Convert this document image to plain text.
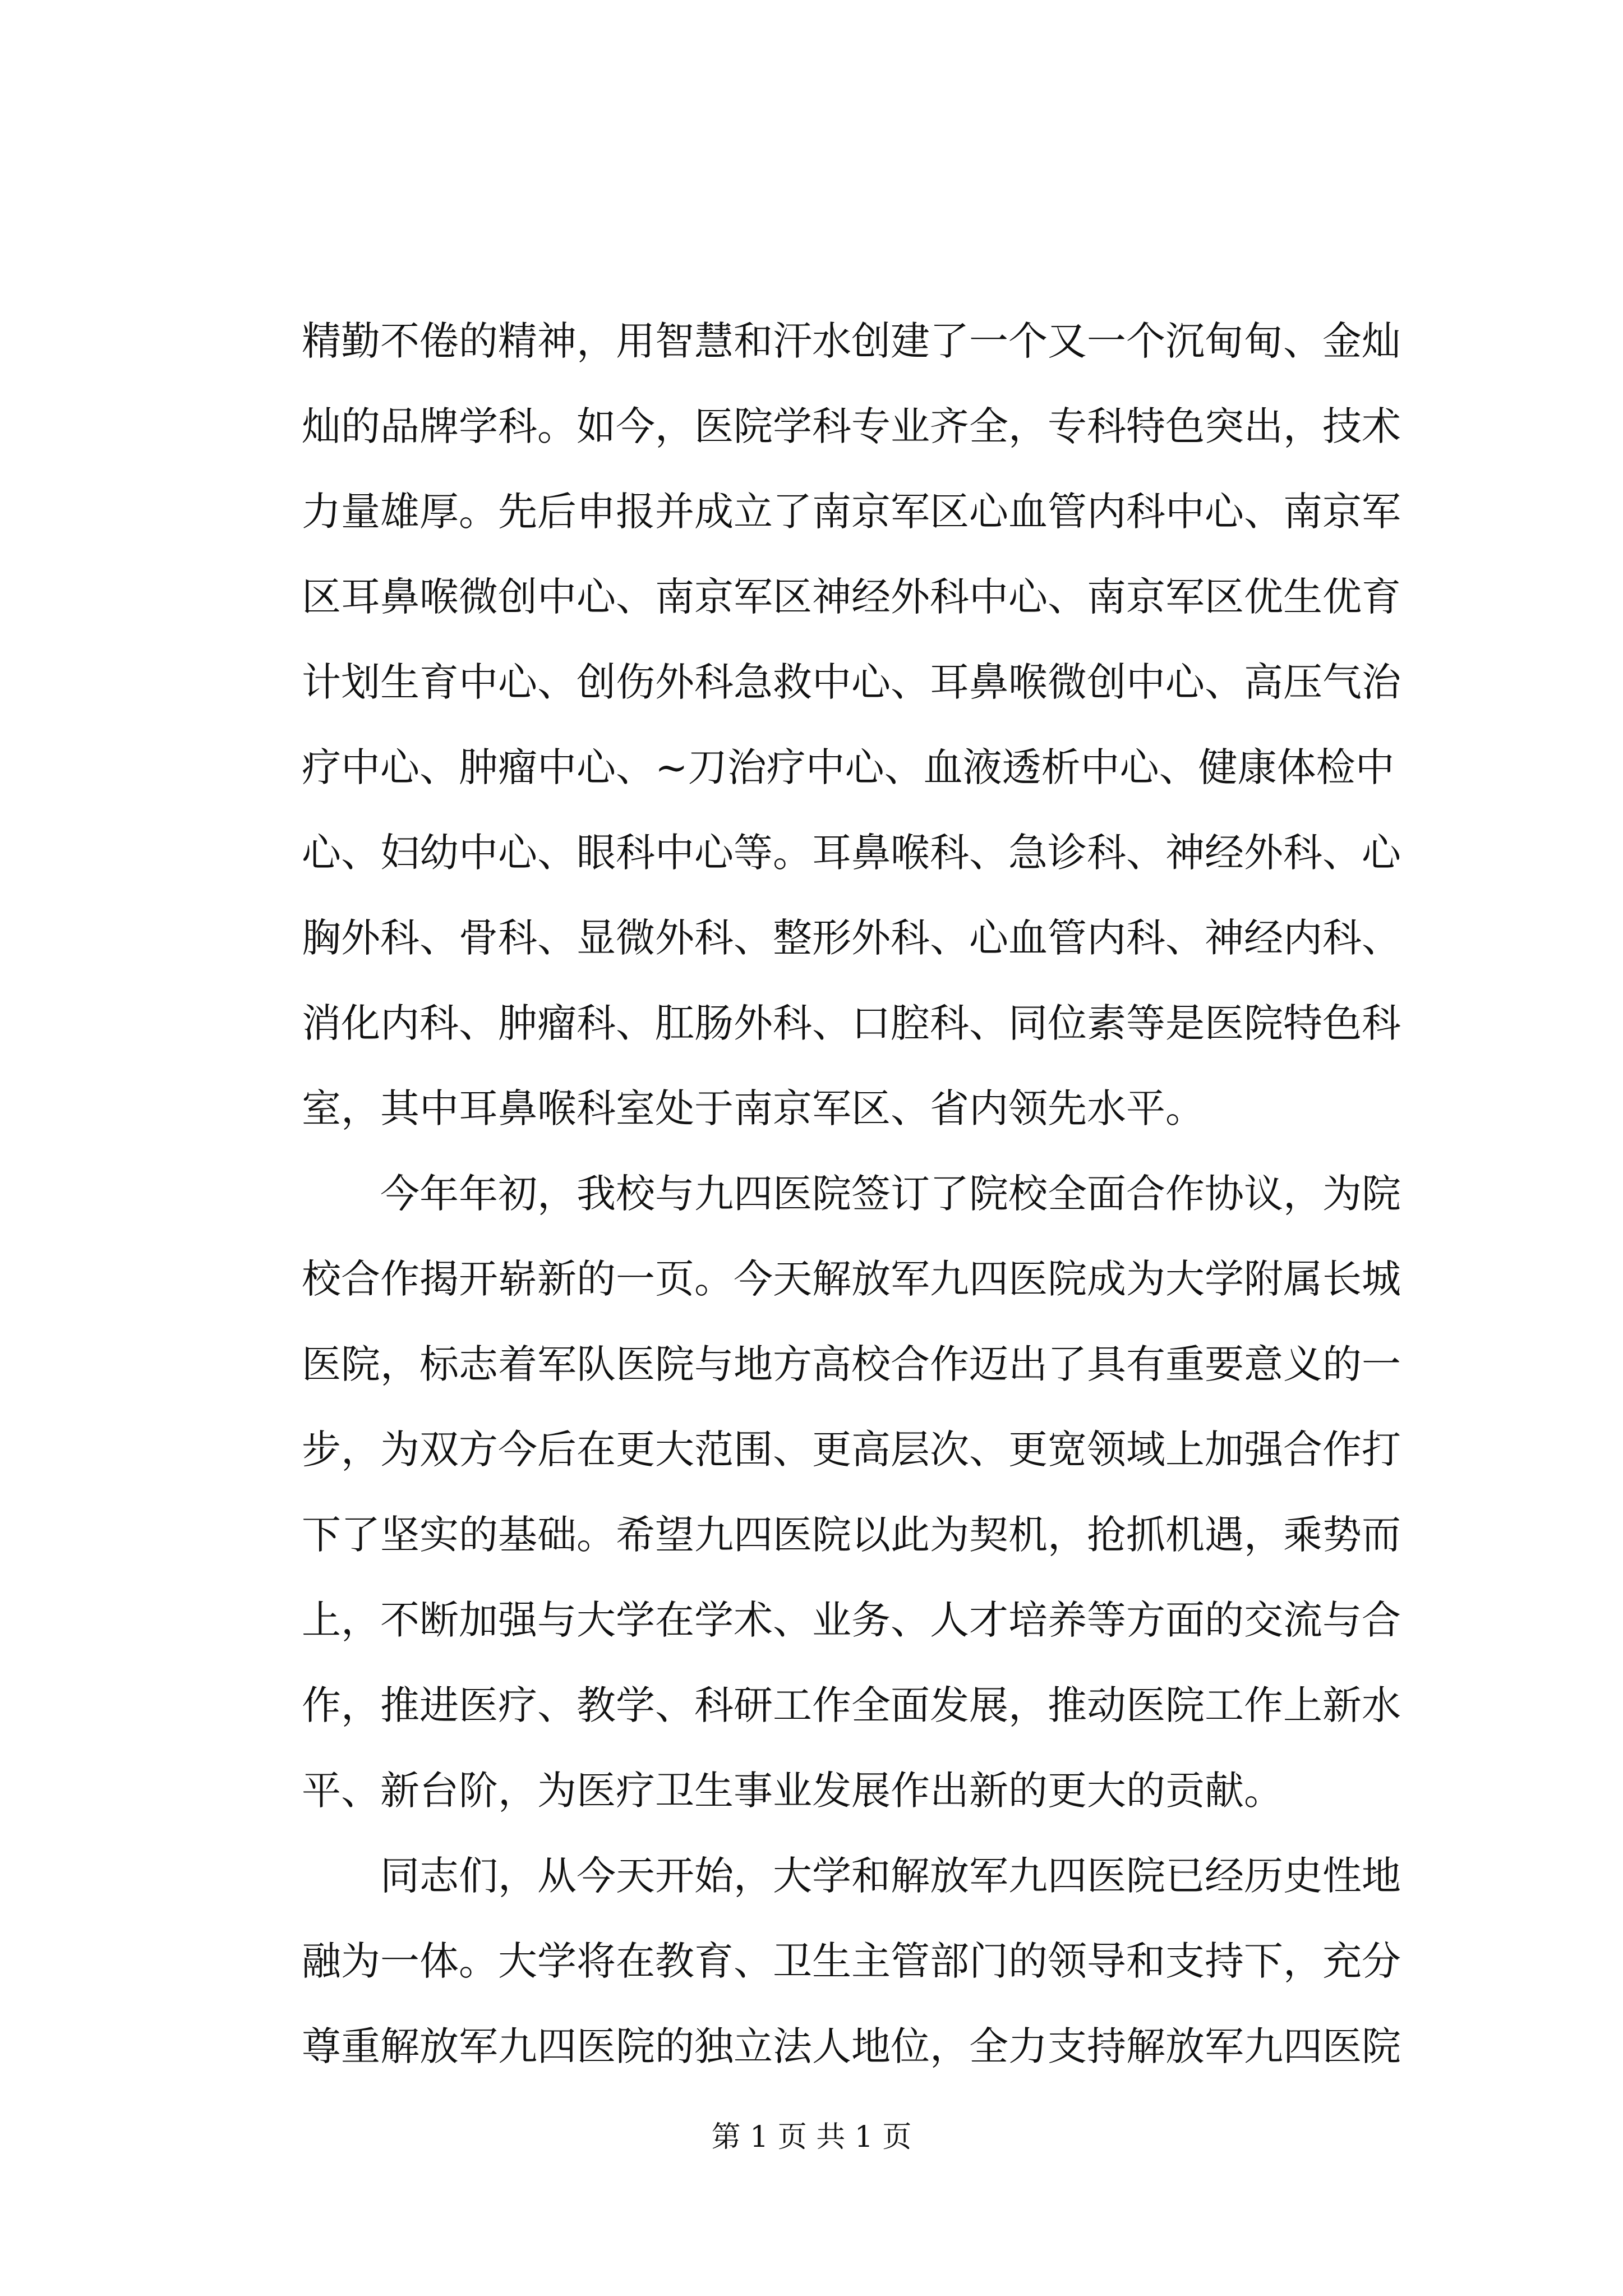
精勤不倦的精神，用智慧和汗水创建了一个又一个沉甸甸、金灿
灿的品牌学科。如今，医院学科专业齐全，专科特色突出，技术
力量雄厚。先后申报并成立了南京军区心血管内科中心、南京军
区耳鼻喉微创中心、南京军区神经外科中心、南京军区优生优育
计划生育中心、创伤外科急救中心、耳鼻喉微创中心、高压气治
疗中心、肿瘤中心、~刀治疗中心、血液透析中心、健康体检中
心、妇幼中心、眼科中心等。耳鼻喉科、急诊科、神经外科、心
胸外科、骨科、显微外科、整形外科、心血管内科、神经内科、
消化内科、肿瘤科、肛肠外科、口腔科、同位素等是医院特色科
室，其中耳鼻喉科室处于南京军区、省内领先水平。
今年年初，我校与九四医院签订了院校全面合作协议，为院
校合作揭开崭新的一页。今天解放军九四医院成为大学附属长城
医院，标志着军队医院与地方高校合作迈出了具有重要意义的一
步，为双方今后在更大范围、更高层次、更宽领域上加强合作打
下了坚实的基础。希望九四医院以此为契机，抢抓机遇，乘势而
上，不断加强与大学在学术、业务、人才培养等方面的交流与合
作，推进医疗、教学、科研工作全面发展，推动医院工作上新水
平、新台阶，为医疗卫生事业发展作出新的更大的贡献。
同志们，从今天开始，大学和解放军九四医院已经历史性地
融为一体。大学将在教育、卫生主管部门的领导和支持下，充分
尊重解放军九四医院的独立法人地位，全力支持解放军九四医院
第 1 页 共 1 页
